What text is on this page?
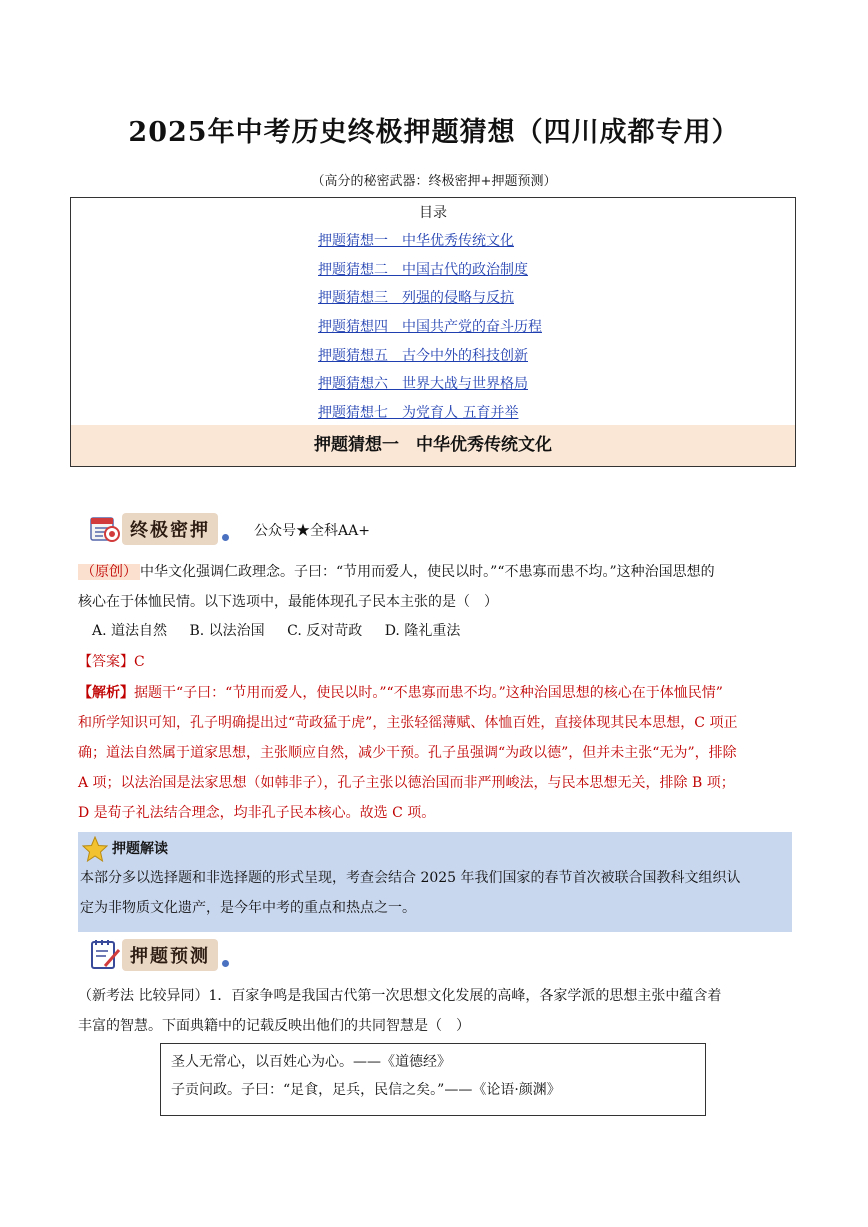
2025年中考历史终极押题猜想（四川成都专用）
（高分的秘密武器：终极密押+押题预测）
目录
押题猜想一　中华优秀传统文化
押题猜想二　中国古代的政治制度
押题猜想三　列强的侵略与反抗
押题猜想四　中国共产党的奋斗历程
押题猜想五　古今中外的科技创新
押题猜想六　世界大战与世界格局
押题猜想七　为党育人 五育并举
押题猜想一　中华优秀传统文化
终极密押	公众号★全科AA+
（原创） 中华文化强调仁政理念。子曰：“节用而爱人，使民以时。”“不患寡而患不均。”这种治国思想的
核心在于体恤民情。以下选项中，最能体现孔子民本主张的是（　）
A. 道法自然 B. 以法治国 C. 反对苛政 D. 隆礼重法
【答案】C
【解析】据题干“子曰：“节用而爱人，使民以时。”“不患寡而患不均。”这种治国思想的核心在于体恤民情”
和所学知识可知，孔子明确提出过“苛政猛于虎”，主张轻徭薄赋、体恤百姓，直接体现其民本思想，C 项正
确；道法自然属于道家思想，主张顺应自然，减少干预。孔子虽强调“为政以德”，但并未主张“无为”，排除
A 项；以法治国是法家思想（如韩非子），孔子主张以德治国而非严刑峻法，与民本思想无关，排除 B 项；
D 是荀子礼法结合理念，均非孔子民本核心。故选 C 项。
押题解读
本部分多以选择题和非选择题的形式呈现，考查会结合 2025 年我们国家的春节首次被联合国教科文组织认
定为非物质文化遗产，是今年中考的重点和热点之一。
押题预测
（新考法 比较异同）1．百家争鸣是我国古代第一次思想文化发展的高峰，各家学派的思想主张中蕴含着
丰富的智慧。下面典籍中的记载反映出他们的共同智慧是（　）
圣人无常心，以百姓心为心。——《道德经》
子贡问政。子曰：“足食，足兵，民信之矣。”——《论语·颜渊》
